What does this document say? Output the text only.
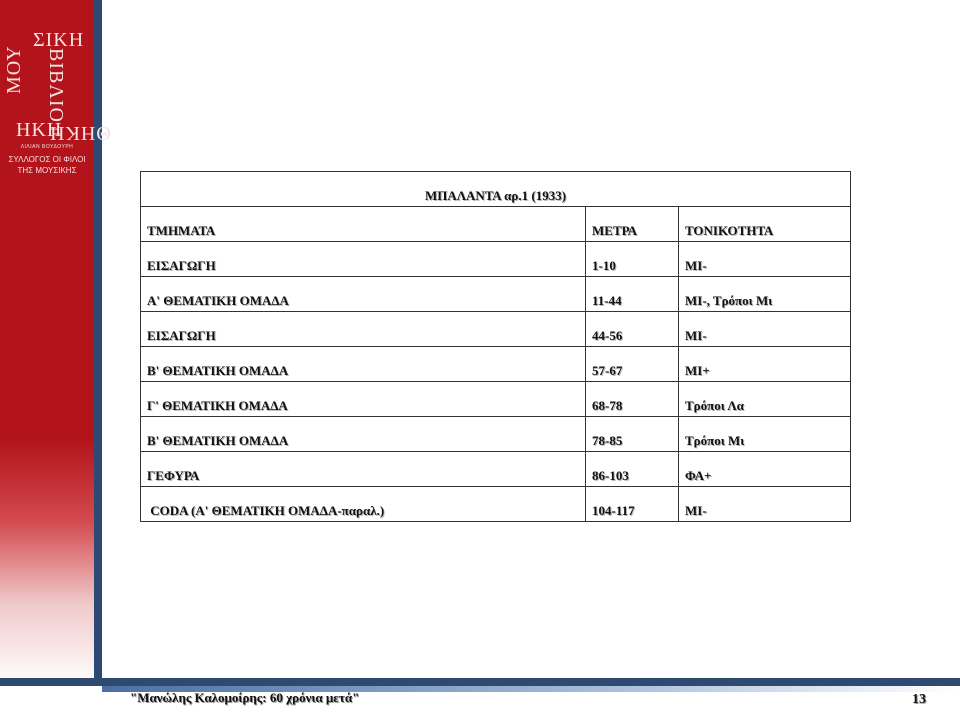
ΜΟΥ
ΣΙΚΗ
ΒΙΒΛΙΟ
ΗΚΗ
ΘΗΚΗ
ΛΙΛΙΑΝ ΒΟΥΔΟΥΡΗ
ΣΥΛΛΟΓΟΣ ΟΙ ΦΙΛΟΙ
ΤΗΣ ΜΟΥΣΙΚΗΣ
ΜΠΑΛΑΝΤΑ αρ.1 (1933)		

ΤΜΗΜΑΤΑ	ΜΕΤΡΑ	ΤΟΝΙΚΟΤΗΤΑ

ΕΙΣΑΓΩΓΗ	1-10	ΜΙ-

Α' ΘΕΜΑΤΙΚΗ ΟΜΑΔΑ	11-44	ΜΙ-, Τρόποι Μι

ΕΙΣΑΓΩΓΗ	44-56	ΜΙ-

Β' ΘΕΜΑΤΙΚΗ ΟΜΑΔΑ	57-67	ΜΙ+

Γ' ΘΕΜΑΤΙΚΗ ΟΜΑΔΑ	68-78	Τρόποι Λα

Β' ΘΕΜΑΤΙΚΗ ΟΜΑΔΑ	78-85	Τρόποι Μι

ΓΕΦΥΡΑ	86-103	ΦΑ+

CODA (Α' ΘΕΜΑΤΙΚΗ ΟΜΑΔΑ-παραλ.)	104-117	ΜΙ-
"Μανώλης Καλομοίρης: 60 χρόνια μετά"	13
